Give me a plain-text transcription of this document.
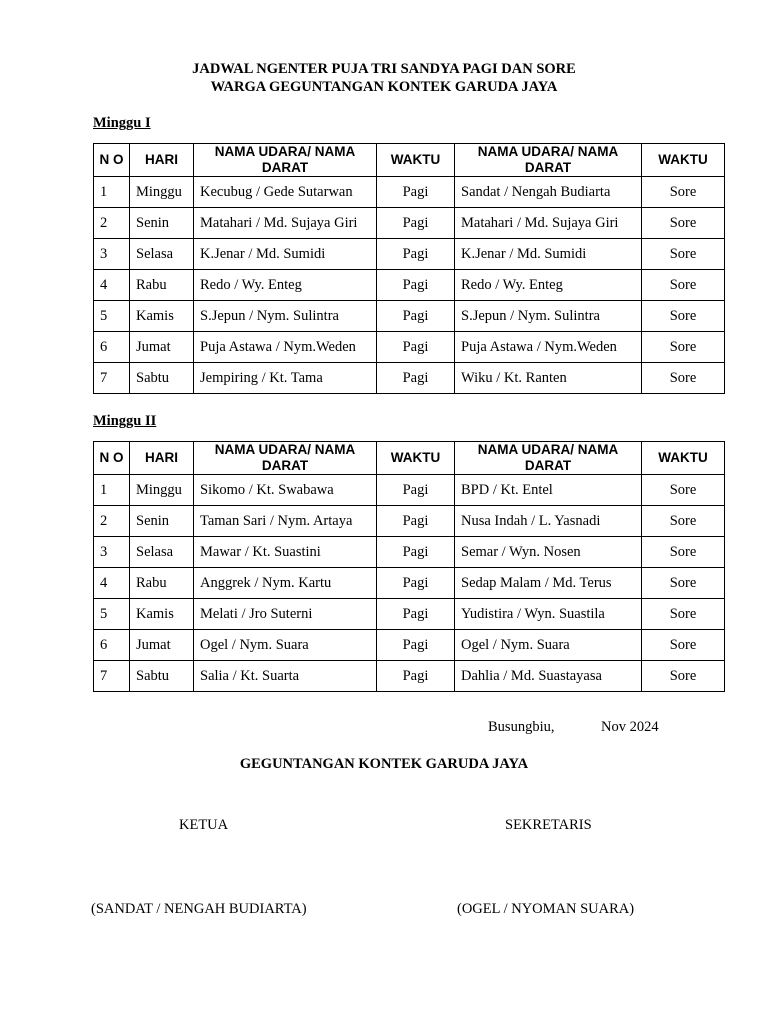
JADWAL NGENTER PUJA TRI SANDYA PAGI DAN SORE
WARGA GEGUNTANGAN KONTEK GARUDA JAYA
Minggu I
N O	HARI	NAMA UDARA/ NAMA DARAT	WAKTU	NAMA UDARA/ NAMA DARAT	WAKTU
1	Minggu	Kecubug / Gede Sutarwan	Pagi	Sandat / Nengah Budiarta	Sore
2	Senin	Matahari / Md. Sujaya Giri	Pagi	Matahari / Md. Sujaya Giri	Sore
3	Selasa	K.Jenar / Md. Sumidi	Pagi	K.Jenar / Md. Sumidi	Sore
4	Rabu	Redo / Wy. Enteg	Pagi	Redo / Wy. Enteg	Sore
5	Kamis	S.Jepun / Nym. Sulintra	Pagi	S.Jepun / Nym. Sulintra	Sore
6	Jumat	Puja Astawa / Nym.Weden	Pagi	Puja Astawa / Nym.Weden	Sore
7	Sabtu	Jempiring / Kt. Tama	Pagi	Wiku / Kt. Ranten	Sore
Minggu II
N O	HARI	NAMA UDARA/ NAMA DARAT	WAKTU	NAMA UDARA/ NAMA DARAT	WAKTU
1	Minggu	Sikomo / Kt. Swabawa	Pagi	BPD / Kt. Entel	Sore
2	Senin	Taman Sari / Nym. Artaya	Pagi	Nusa Indah / L. Yasnadi	Sore
3	Selasa	Mawar / Kt. Suastini	Pagi	Semar / Wyn. Nosen	Sore
4	Rabu	Anggrek / Nym. Kartu	Pagi	Sedap Malam / Md. Terus	Sore
5	Kamis	Melati / Jro Suterni	Pagi	Yudistira / Wyn. Suastila	Sore
6	Jumat	Ogel / Nym. Suara	Pagi	Ogel / Nym. Suara	Sore
7	Sabtu	Salia / Kt. Suarta	Pagi	Dahlia / Md. Suastayasa	Sore
Busungbiu,	Nov 2024
GEGUNTANGAN KONTEK GARUDA JAYA
KETUA	SEKRETARIS
(SANDAT / NENGAH BUDIARTA)	(OGEL / NYOMAN SUARA)
